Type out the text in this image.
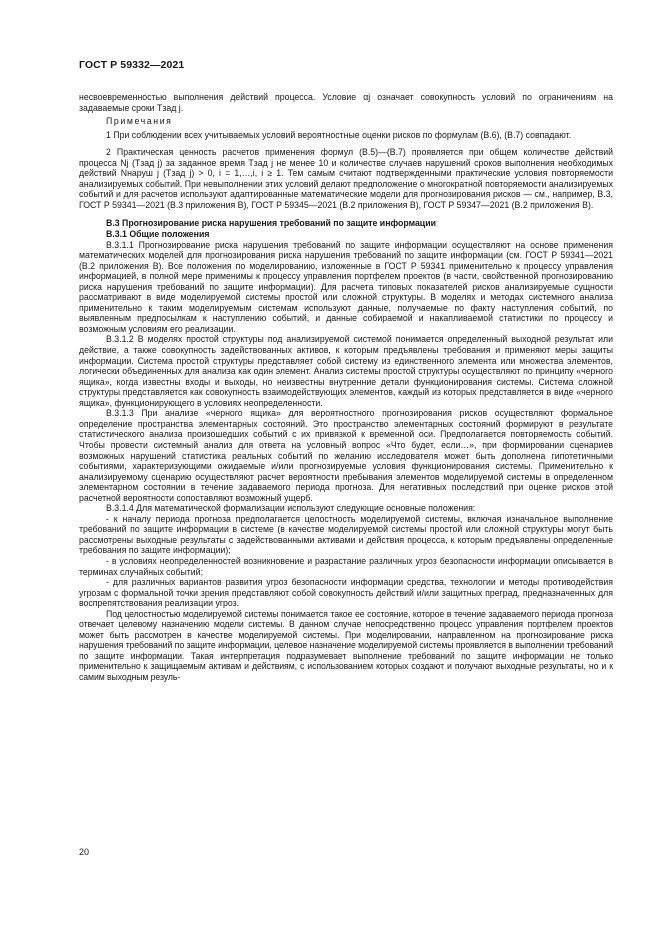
ГОСТ Р 59332—2021

несвоевременностью выполнения действий процесса. Условие αj означает совокупность условий по ограничениям на задаваемые сроки Tзад j.

Примечания

1 При соблюдении всех учитываемых условий вероятностные оценки рисков по формулам (В.6), (В.7) совпадают.

2 Практическая ценность расчетов применения формул (В.5)—(В.7) проявляется при общем количестве действий процесса Nj (Tзад j) за заданное время Tзад j не менее 10 и количестве случаев нарушений сроков выполнения необходимых действий Nнаруш j (Tзад j) > 0, i = 1,…,i, i ≥ 1. Тем самым считают подтвержденными практические условия повторяемости анализируемых событий. При невыполнении этих условий делают предположение о многократной повторяемости анализируемых событий и для расчетов используют адаптированные математические модели для прогнозирования рисков — см., например, В.3, ГОСТ Р 59341—2021 (В.3 приложения В), ГОСТ Р 59345—2021 (В.2 приложения В), ГОСТ Р 59347—2021 (В.2 приложения В).

В.3 Прогнозирование риска нарушения требований по защите информации

В.3.1 Общие положения

В.3.1.1 Прогнозирование риска нарушения требований по защите информации осуществляют на основе применения математических моделей для прогнозирования риска нарушения требований по защите информации (см. ГОСТ Р 59341—2021 (В.2 приложения В). Все положения по моделированию, изложенные в ГОСТ Р 59341 применительно к процессу управления информацией, в полной мере применимы к процессу управления портфелем проектов (в части, свойственной прогнозированию риска нарушения требований по защите информации). Для расчета типовых показателей рисков анализируемые сущности рассматривают в виде моделируемой системы простой или сложной структуры. В моделях и методах системного анализа применительно к таким моделируемым системам используют данные, получаемые по факту наступления событий, по выявленным предпосылкам к наступлению событий, и данные собираемой и накапливаемой статистики по процессу и возможным условиям его реализации.

В.3.1.2 В моделях простой структуры под анализируемой системой понимается определенный выходной результат или действие, а также совокупность задействованных активов, к которым предъявлены требования и применяют меры защиты информации. Система простой структуры представляет собой систему из единственного элемента или множества элементов, логически объединенных для анализа как один элемент. Анализ системы простой структуры осуществляют по принципу «черного ящика», когда известны входы и выходы, но неизвестны внутренние детали функционирования системы. Система сложной структуры представляется как совокупность взаимодействующих элементов, каждый из которых представляется в виде «черного ящика», функционирующего в условиях неопределенности.

В.3.1.3 При анализе «черного ящика» для вероятностного прогнозирования рисков осуществляют формальное определение пространства элементарных состояний. Это пространство элементарных состояний формируют в результате статистического анализа произошедших событий с их привязкой к временной оси. Предполагается повторяемость событий. Чтобы провести системный анализ для ответа на условный вопрос «Что будет, если…», при формировании сценариев возможных нарушений статистика реальных событий по желанию исследователя может быть дополнена гипотетичными событиями, характеризующими ожидаемые и/или прогнозируемые условия функционирования системы. Применительно к анализируемому сценарию осуществляют расчет вероятности пребывания элементов моделируемой системы в определенном элементарном состоянии в течение задаваемого периода прогноза. Для негативных последствий при оценке рисков этой расчетной вероятности сопоставляют возможный ущерб.

В.3.1.4 Для математической формализации используют следующие основные положения:

- к началу периода прогноза предполагается целостность моделируемой системы, включая изначальное выполнение требований по защите информации в системе (в качестве моделируемой системы простой или сложной структуры могут быть рассмотрены выходные результаты с задействованными активами и действия процесса, к которым предъявлены определенные требования по защите информации);

- в условиях неопределенностей возникновение и разрастание различных угроз безопасности информации описывается в терминах случайных событий;

- для различных вариантов развития угроз безопасности информации средства, технологии и методы противодействия угрозам с формальной точки зрения представляют собой совокупность действий и/или защитных преград, предназначенных для воспрепятствования реализации угроз.

Под целостностью моделируемой системы понимается такое ее состояние, которое в течение задаваемого периода прогноза отвечает целевому назначению модели системы. В данном случае непосредственно процесс управления портфелем проектов может быть рассмотрен в качестве моделируемой системы. При моделировании, направленном на прогнозирование риска нарушения требований по защите информации, целевое назначение моделируемой системы проявляется в выполнении требований по защите информации. Такая интерпретация подразумевает выполнение требований по защите информации не только применительно к защищаемым активам и действиям, с использованием которых создают и получают выходные результаты, но и к самим выходным резуль-

20
